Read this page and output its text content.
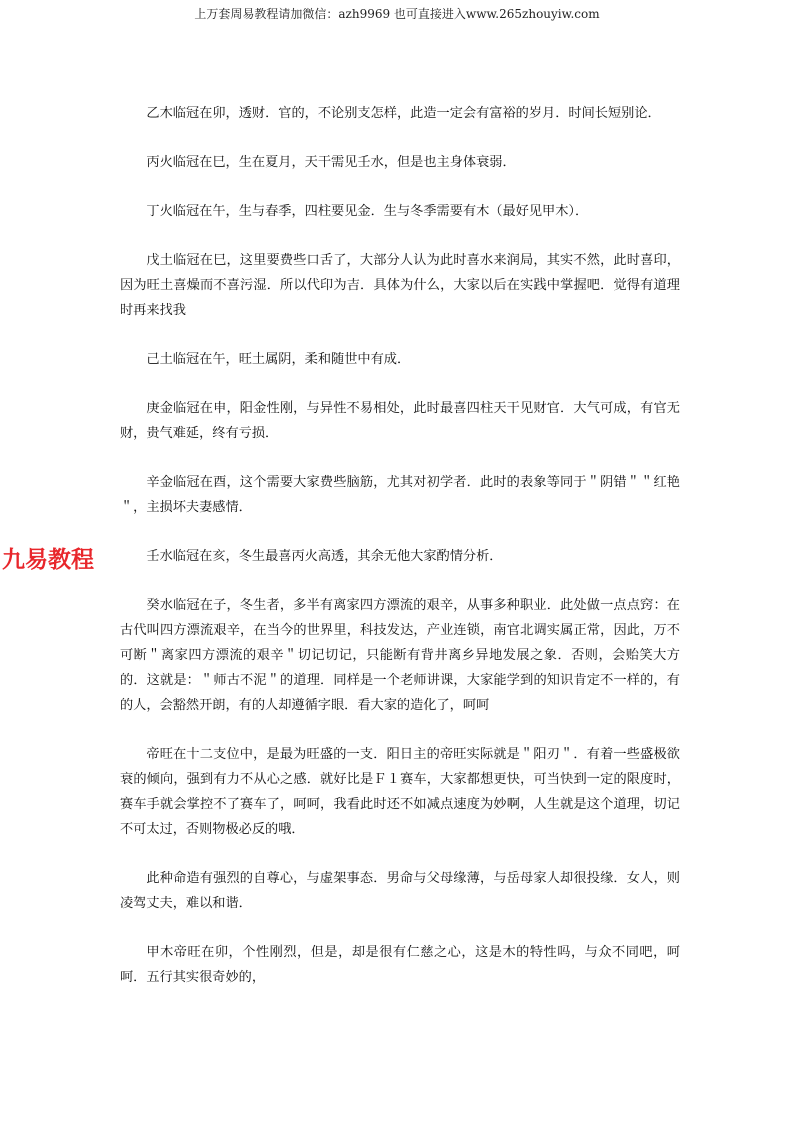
上万套周易教程请加微信：azh9969 也可直接进入www.265zhouyiw.com
九易教程

乙木临冠在卯，透财．官的，不论别支怎样，此造一定会有富裕的岁月．时间长短别论．

丙火临冠在巳，生在夏月，天干需见壬水，但是也主身体衰弱．

丁火临冠在午，生与春季，四柱要见金．生与冬季需要有木（最好见甲木）．

戊土临冠在巳，这里要费些口舌了，大部分人认为此时喜水来润局，其实不然，此时喜印，因为旺土喜燥而不喜污湿．所以代印为吉．具体为什么，大家以后在实践中掌握吧．觉得有道理时再来找我

己土临冠在午，旺土属阴，柔和随世中有成．

庚金临冠在申，阳金性刚，与异性不易相处，此时最喜四柱天干见财官．大气可成，有官无财，贵气难延，终有亏损．

辛金临冠在酉，这个需要大家费些脑筋，尤其对初学者．此时的表象等同于＂阴错＂＂红艳＂，主损坏夫妻感情．

壬水临冠在亥，冬生最喜丙火高透，其余无他大家酌情分析．

癸水临冠在子，冬生者，多半有离家四方漂流的艰辛，从事多种职业．此处做一点点窍：在古代叫四方漂流艰辛，在当今的世界里，科技发达，产业连锁，南官北调实属正常，因此，万不可断＂离家四方漂流的艰辛＂切记切记，只能断有背井离乡异地发展之象．否则，会贻笑大方的．这就是：＂师古不泥＂的道理．同样是一个老师讲课，大家能学到的知识肯定不一样的，有的人，会豁然开朗，有的人却遵循字眼．看大家的造化了，呵呵

帝旺在十二支位中，是最为旺盛的一支．阳日主的帝旺实际就是＂阳刃＂．有着一些盛极欲衰的倾向，强到有力不从心之感．就好比是Ｆ１赛车，大家都想更快，可当快到一定的限度时，赛车手就会掌控不了赛车了，呵呵，我看此时还不如减点速度为妙啊，人生就是这个道理，切记不可太过，否则物极必反的哦．

此种命造有强烈的自尊心，与虚架事态．男命与父母缘薄，与岳母家人却很投缘．女人，则凌驾丈夫，难以和谐．

甲木帝旺在卯，个性刚烈，但是，却是很有仁慈之心，这是木的特性吗，与众不同吧，呵呵．五行其实很奇妙的，
